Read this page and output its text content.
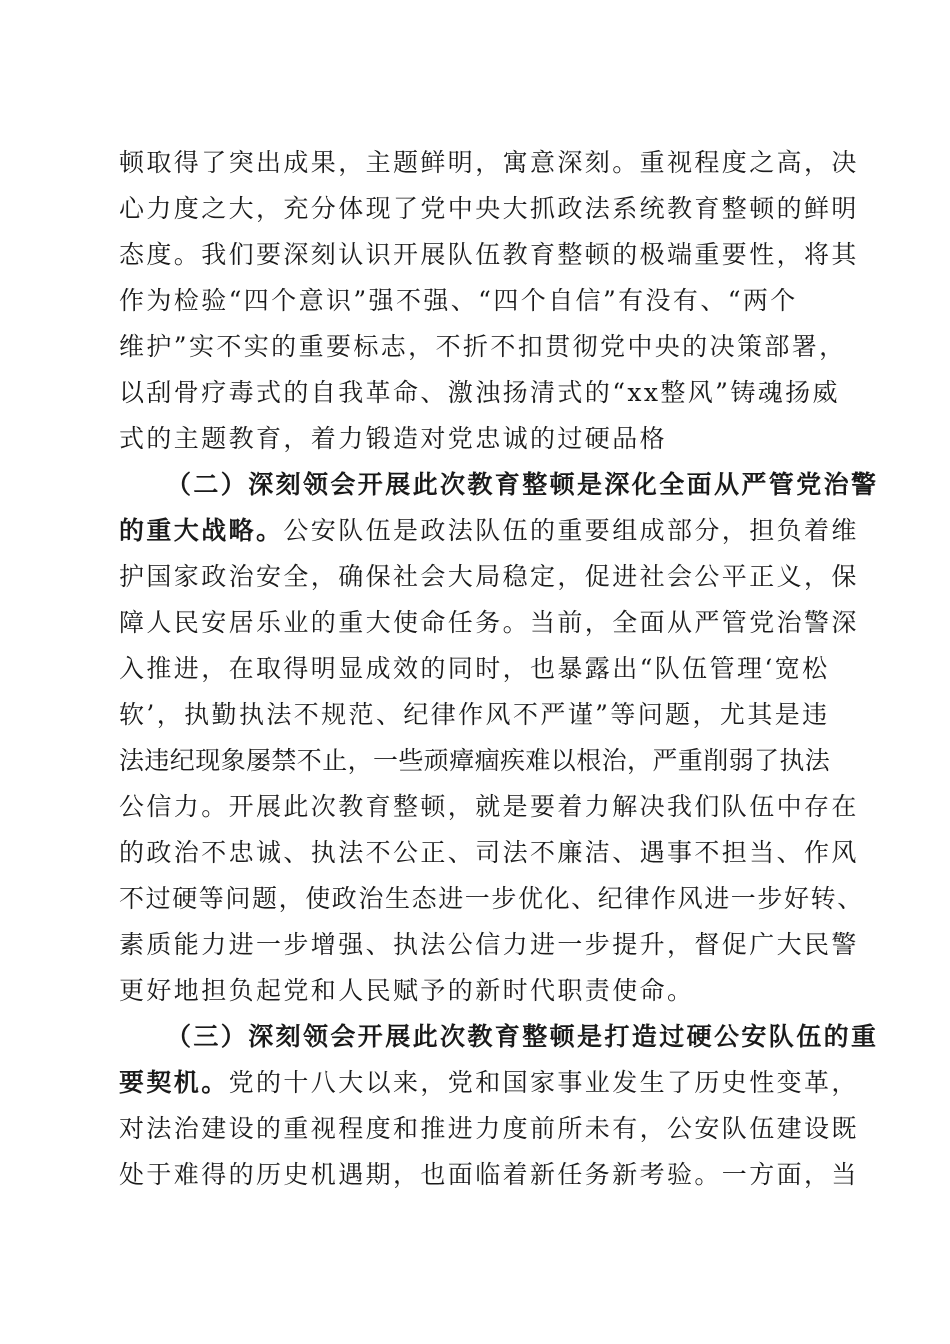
顿取得了突出成果，主题鲜明，寓意深刻。重视程度之高，决
心力度之大，充分体现了党中央大抓政法系统教育整顿的鲜明
态度。我们要深刻认识开展队伍教育整顿的极端重要性，将其
作为检验“四个意识”强不强、“四个自信”有没有、“两个
维护”实不实的重要标志，不折不扣贯彻党中央的决策部署，
以刮骨疗毒式的自我革命、激浊扬清式的“xx整风”铸魂扬威
式的主题教育，着力锻造对党忠诚的过硬品格
（二）深刻领会开展此次教育整顿是深化全面从严管党治警
的重大战略。公安队伍是政法队伍的重要组成部分，担负着维
护国家政治安全，确保社会大局稳定，促进社会公平正义，保
障人民安居乐业的重大使命任务。当前，全面从严管党治警深
入推进，在取得明显成效的同时，也暴露出“队伍管理‘宽松
软’，执勤执法不规范、纪律作风不严谨”等问题，尤其是违
法违纪现象屡禁不止，一些顽瘴痼疾难以根治，严重削弱了执法
公信力。开展此次教育整顿，就是要着力解决我们队伍中存在
的政治不忠诚、执法不公正、司法不廉洁、遇事不担当、作风
不过硬等问题，使政治生态进一步优化、纪律作风进一步好转、
素质能力进一步增强、执法公信力进一步提升，督促广大民警
更好地担负起党和人民赋予的新时代职责使命。
（三）深刻领会开展此次教育整顿是打造过硬公安队伍的重
要契机。党的十八大以来，党和国家事业发生了历史性变革，
对法治建设的重视程度和推进力度前所未有，公安队伍建设既
处于难得的历史机遇期，也面临着新任务新考验。一方面，当
